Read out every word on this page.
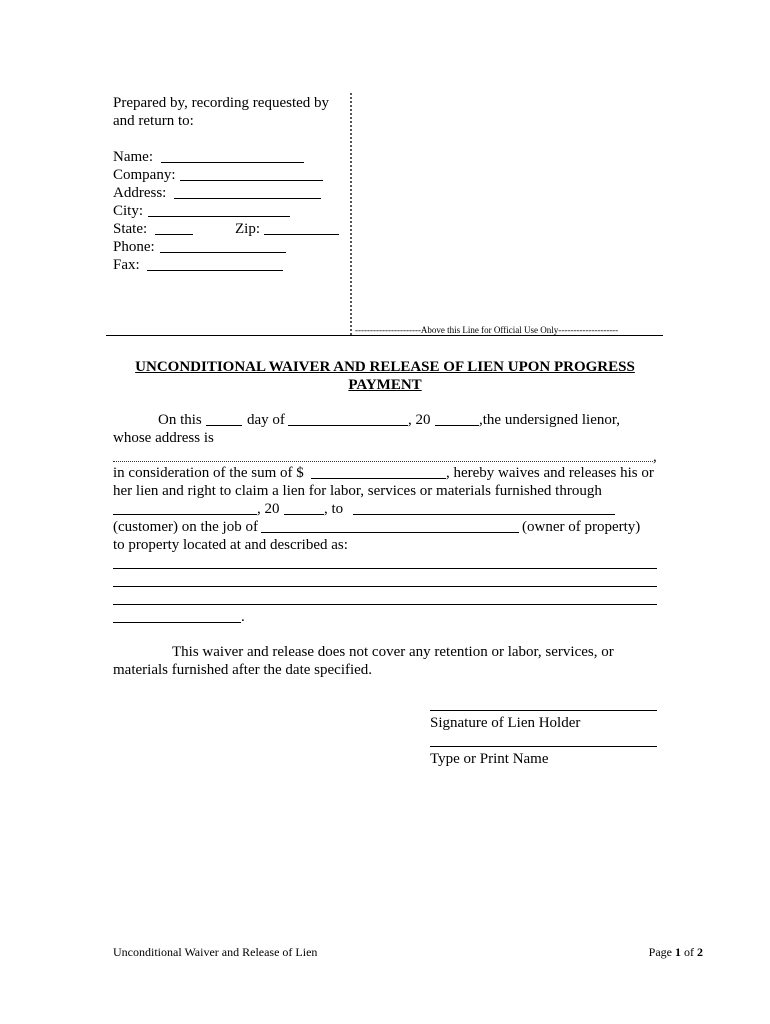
Prepared by, recording requested by
and return to:
Name:
Company:
Address:
City:
State:	Zip:
Phone:
Fax:
----------------------Above this Line for Official Use Only--------------------
UNCONDITIONAL WAIVER AND RELEASE OF LIEN UPON PROGRESS
PAYMENT
On this	day of	, 20	,the undersigned lienor,
whose address is
,
in consideration of the sum of $	, hereby waives and releases his or
her lien and right to claim a lien for labor, services or materials furnished through
, 20	, to
(customer) on the job of	(owner of property)
to property located at and described as:
.
This waiver and release does not cover any retention or labor, services, or
materials furnished after the date specified.
Signature of Lien Holder
Type or Print Name
Unconditional Waiver and Release of Lien	Page 1 of 2
